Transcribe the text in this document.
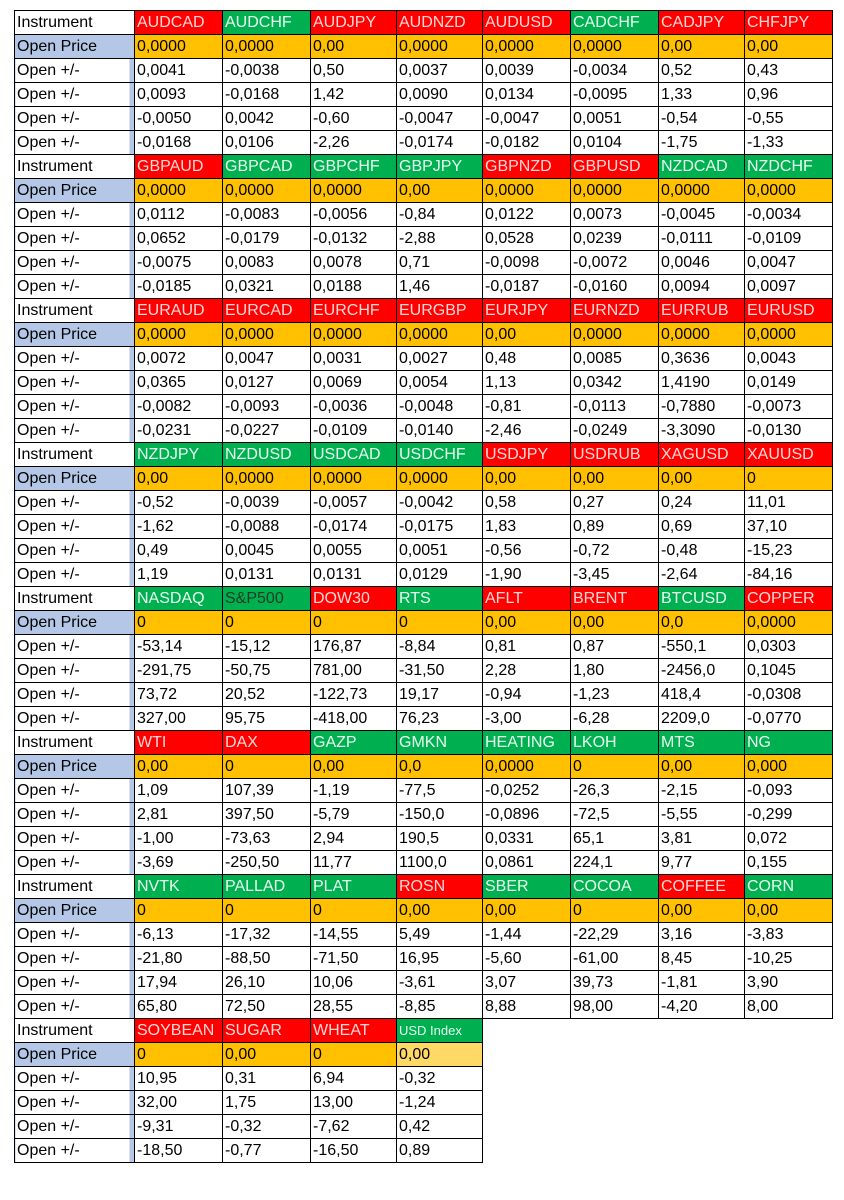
Instrument	AUDCAD	AUDCHF	AUDJPY	AUDNZD	AUDUSD	CADCHF	CADJPY	CHFJPY
Open Price	0,0000	0,0000	0,00	0,0000	0,0000	0,0000	0,00	0,00
Open +/-	0,0041	-0,0038	0,50	0,0037	0,0039	-0,0034	0,52	0,43
Open +/-	0,0093	-0,0168	1,42	0,0090	0,0134	-0,0095	1,33	0,96
Open +/-	-0,0050	0,0042	-0,60	-0,0047	-0,0047	0,0051	-0,54	-0,55
Open +/-	-0,0168	0,0106	-2,26	-0,0174	-0,0182	0,0104	-1,75	-1,33
Instrument	GBPAUD	GBPCAD	GBPCHF	GBPJPY	GBPNZD	GBPUSD	NZDCAD	NZDCHF
Open Price	0,0000	0,0000	0,0000	0,00	0,0000	0,0000	0,0000	0,0000
Open +/-	0,0112	-0,0083	-0,0056	-0,84	0,0122	0,0073	-0,0045	-0,0034
Open +/-	0,0652	-0,0179	-0,0132	-2,88	0,0528	0,0239	-0,0111	-0,0109
Open +/-	-0,0075	0,0083	0,0078	0,71	-0,0098	-0,0072	0,0046	0,0047
Open +/-	-0,0185	0,0321	0,0188	1,46	-0,0187	-0,0160	0,0094	0,0097
Instrument	EURAUD	EURCAD	EURCHF	EURGBP	EURJPY	EURNZD	EURRUB	EURUSD
Open Price	0,0000	0,0000	0,0000	0,0000	0,00	0,0000	0,0000	0,0000
Open +/-	0,0072	0,0047	0,0031	0,0027	0,48	0,0085	0,3636	0,0043
Open +/-	0,0365	0,0127	0,0069	0,0054	1,13	0,0342	1,4190	0,0149
Open +/-	-0,0082	-0,0093	-0,0036	-0,0048	-0,81	-0,0113	-0,7880	-0,0073
Open +/-	-0,0231	-0,0227	-0,0109	-0,0140	-2,46	-0,0249	-3,3090	-0,0130
Instrument	NZDJPY	NZDUSD	USDCAD	USDCHF	USDJPY	USDRUB	XAGUSD	XAUUSD
Open Price	0,00	0,0000	0,0000	0,0000	0,00	0,00	0,00	0
Open +/-	-0,52	-0,0039	-0,0057	-0,0042	0,58	0,27	0,24	11,01
Open +/-	-1,62	-0,0088	-0,0174	-0,0175	1,83	0,89	0,69	37,10
Open +/-	0,49	0,0045	0,0055	0,0051	-0,56	-0,72	-0,48	-15,23
Open +/-	1,19	0,0131	0,0131	0,0129	-1,90	-3,45	-2,64	-84,16
Instrument	NASDAQ	S&P500	DOW30	RTS	AFLT	BRENT	BTCUSD	COPPER
Open Price	0	0	0	0	0,00	0,00	0,0	0,0000
Open +/-	-53,14	-15,12	176,87	-8,84	0,81	0,87	-550,1	0,0303
Open +/-	-291,75	-50,75	781,00	-31,50	2,28	1,80	-2456,0	0,1045
Open +/-	73,72	20,52	-122,73	19,17	-0,94	-1,23	418,4	-0,0308
Open +/-	327,00	95,75	-418,00	76,23	-3,00	-6,28	2209,0	-0,0770
Instrument	WTI	DAX	GAZP	GMKN	HEATING	LKOH	MTS	NG
Open Price	0,00	0	0,00	0,0	0,0000	0	0,00	0,000
Open +/-	1,09	107,39	-1,19	-77,5	-0,0252	-26,3	-2,15	-0,093
Open +/-	2,81	397,50	-5,79	-150,0	-0,0896	-72,5	-5,55	-0,299
Open +/-	-1,00	-73,63	2,94	190,5	0,0331	65,1	3,81	0,072
Open +/-	-3,69	-250,50	11,77	1100,0	0,0861	224,1	9,77	0,155
Instrument	NVTK	PALLAD	PLAT	ROSN	SBER	COCOA	COFFEE	CORN
Open Price	0	0	0	0,00	0,00	0	0,00	0,00
Open +/-	-6,13	-17,32	-14,55	5,49	-1,44	-22,29	3,16	-3,83
Open +/-	-21,80	-88,50	-71,50	16,95	-5,60	-61,00	8,45	-10,25
Open +/-	17,94	26,10	10,06	-3,61	3,07	39,73	-1,81	3,90
Open +/-	65,80	72,50	28,55	-8,85	8,88	98,00	-4,20	8,00
Instrument	SOYBEAN	SUGAR	WHEAT	USD Index				
Open Price	0	0,00	0	0,00				
Open +/-	10,95	0,31	6,94	-0,32				
Open +/-	32,00	1,75	13,00	-1,24				
Open +/-	-9,31	-0,32	-7,62	0,42				
Open +/-	-18,50	-0,77	-16,50	0,89				
